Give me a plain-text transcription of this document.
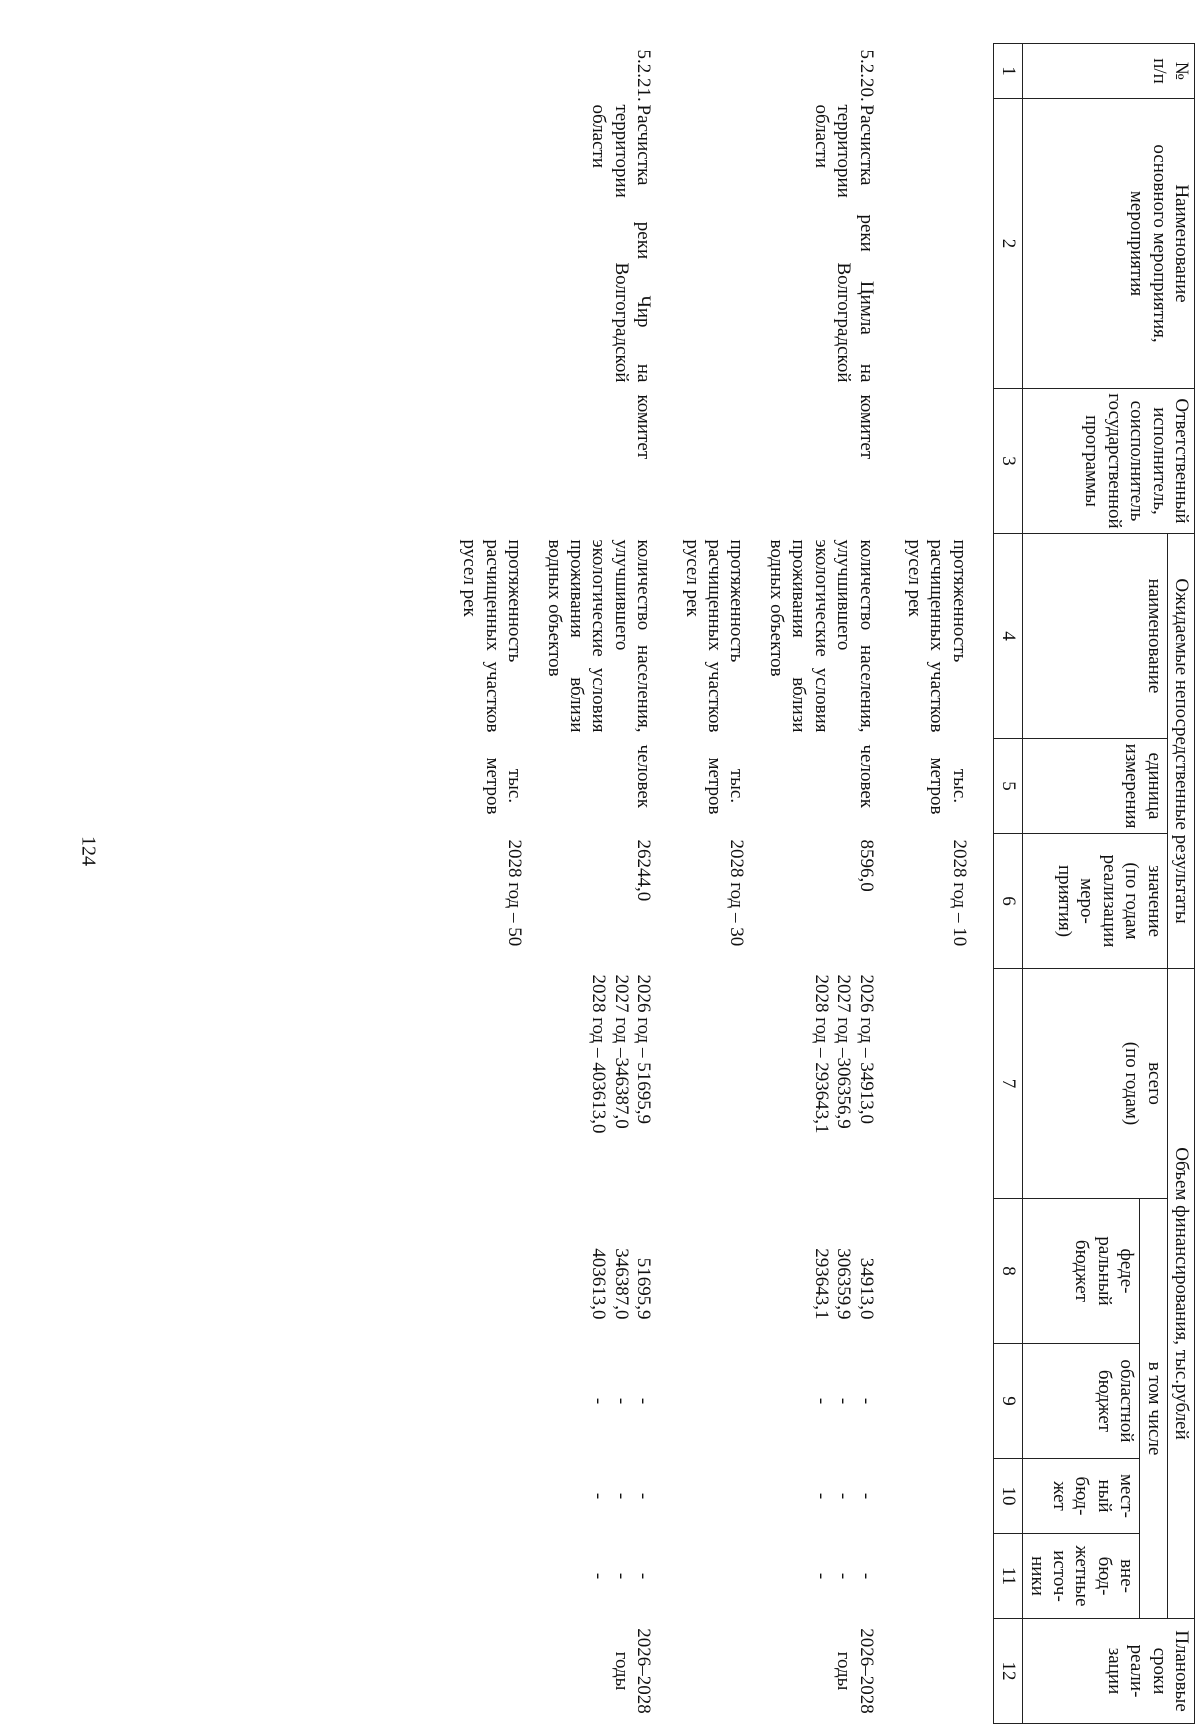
124
№
п/п	Наименование
основного мероприятия,
мероприятия	Ответственный
исполнитель,
соисполнитель
государственной
программы	Ожидаемые непосредственные результаты			Объем финансирования, тыс.рублей					Плановые
сроки
реали-
зации
			наименование	единица
измерения	значение
(по годам
реализации
меро-
приятия)	всего
(по годам)	в том числе				
							феде-
ральный
бюджет	областной
бюджет	мест-
ный
бюд-
жет	вне-
бюд-
жетные
источ-
ники	
1	2	3	4	5	6	7	8	9	10	11	12

			протяженность расчищенных участков русел рек	тыс.
метров	2028 год – 10						

5.2.20.	Расчистка реки Цимла на территории Волгоградской области	комитет	количество населения, улучшившего экологические условия проживания вблизи водных объектов	человек	8596,0	2026 год – 34913,0
2027 год –306356,9
2028 год – 293643,1	34913,0
306359,9
293643,1	-
-
-	-
-
-	-
-
-	2026–2028
годы
			протяженность расчищенных участков русел рек	тыс.
метров	2028 год – 30						

5.2.21.	Расчистка реки Чир на территории Волгоградской области	комитет	количество населения, улучшившего экологические условия проживания вблизи водных объектов	человек	26244,0	2026 год – 51695,9
2027 год –346387,0
2028 год – 403613,0	51695,9
346387,0
403613,0	-
-
-	-
-
-	-
-
-	2026–2028
годы
			протяженность расчищенных участков русел рек	тыс.
метров	2028 год – 50						
